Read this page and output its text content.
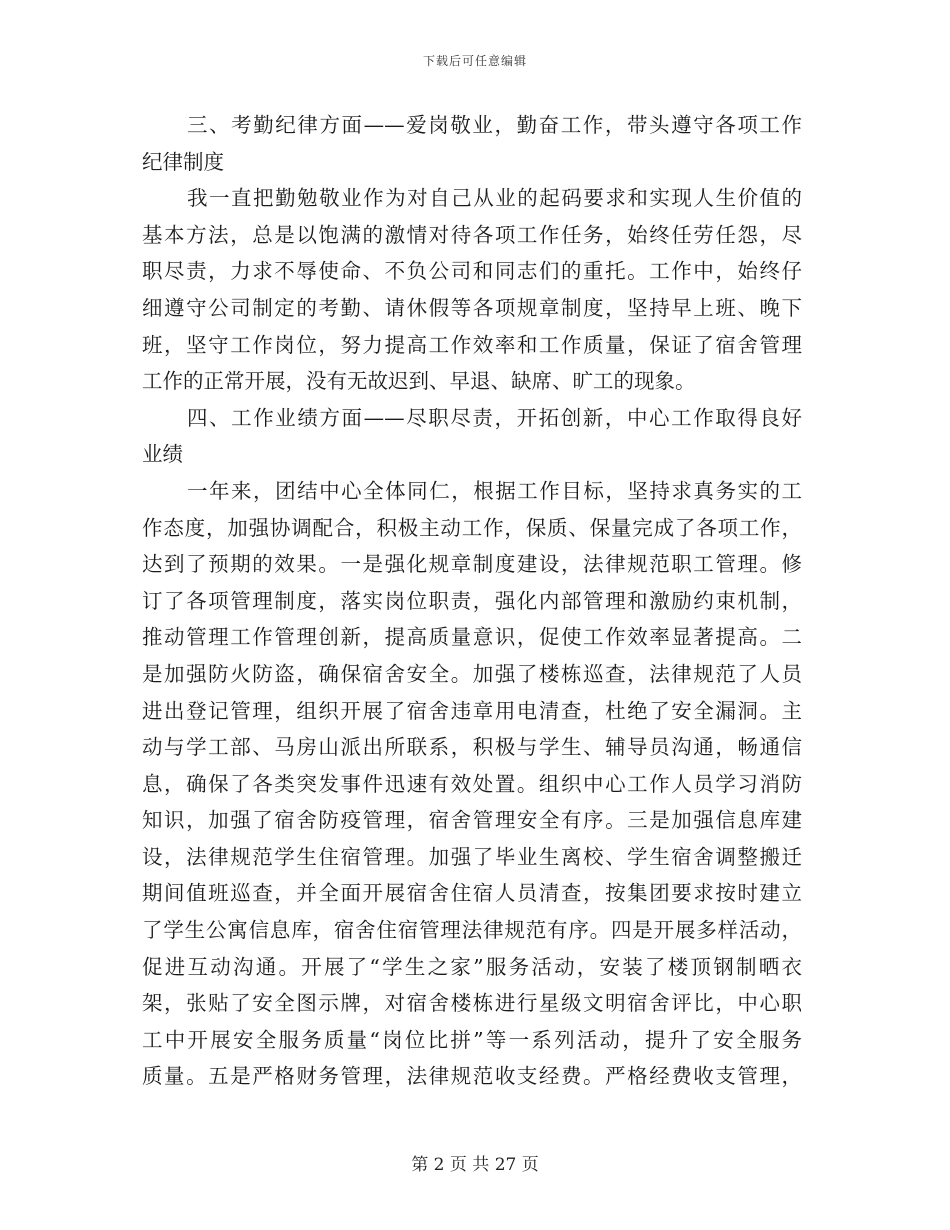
下载后可任意编辑
三、考勤纪律方面——爱岗敬业，勤奋工作，带头遵守各项工作
纪律制度
我一直把勤勉敬业作为对自己从业的起码要求和实现人生价值的
基本方法，总是以饱满的激情对待各项工作任务，始终任劳任怨，尽
职尽责，力求不辱使命、不负公司和同志们的重托。工作中，始终仔
细遵守公司制定的考勤、请休假等各项规章制度，坚持早上班、晚下
班，坚守工作岗位，努力提高工作效率和工作质量，保证了宿舍管理
工作的正常开展，没有无故迟到、早退、缺席、旷工的现象。
四、工作业绩方面——尽职尽责，开拓创新，中心工作取得良好
业绩
一年来，团结中心全体同仁，根据工作目标，坚持求真务实的工
作态度，加强协调配合，积极主动工作，保质、保量完成了各项工作，
达到了预期的效果。一是强化规章制度建设，法律规范职工管理。修
订了各项管理制度，落实岗位职责，强化内部管理和激励约束机制，
推动管理工作管理创新，提高质量意识，促使工作效率显著提高。二
是加强防火防盗，确保宿舍安全。加强了楼栋巡查，法律规范了人员
进出登记管理，组织开展了宿舍违章用电清查，杜绝了安全漏洞。主
动与学工部、马房山派出所联系，积极与学生、辅导员沟通，畅通信
息，确保了各类突发事件迅速有效处置。组织中心工作人员学习消防
知识，加强了宿舍防疫管理，宿舍管理安全有序。三是加强信息库建
设，法律规范学生住宿管理。加强了毕业生离校、学生宿舍调整搬迁
期间值班巡查，并全面开展宿舍住宿人员清查，按集团要求按时建立
了学生公寓信息库，宿舍住宿管理法律规范有序。四是开展多样活动，
促进互动沟通。开展了“学生之家”服务活动，安装了楼顶钢制晒衣
架，张贴了安全图示牌，对宿舍楼栋进行星级文明宿舍评比，中心职
工中开展安全服务质量“岗位比拼”等一系列活动，提升了安全服务
质量。五是严格财务管理，法律规范收支经费。严格经费收支管理，
第 2 页 共 27 页
